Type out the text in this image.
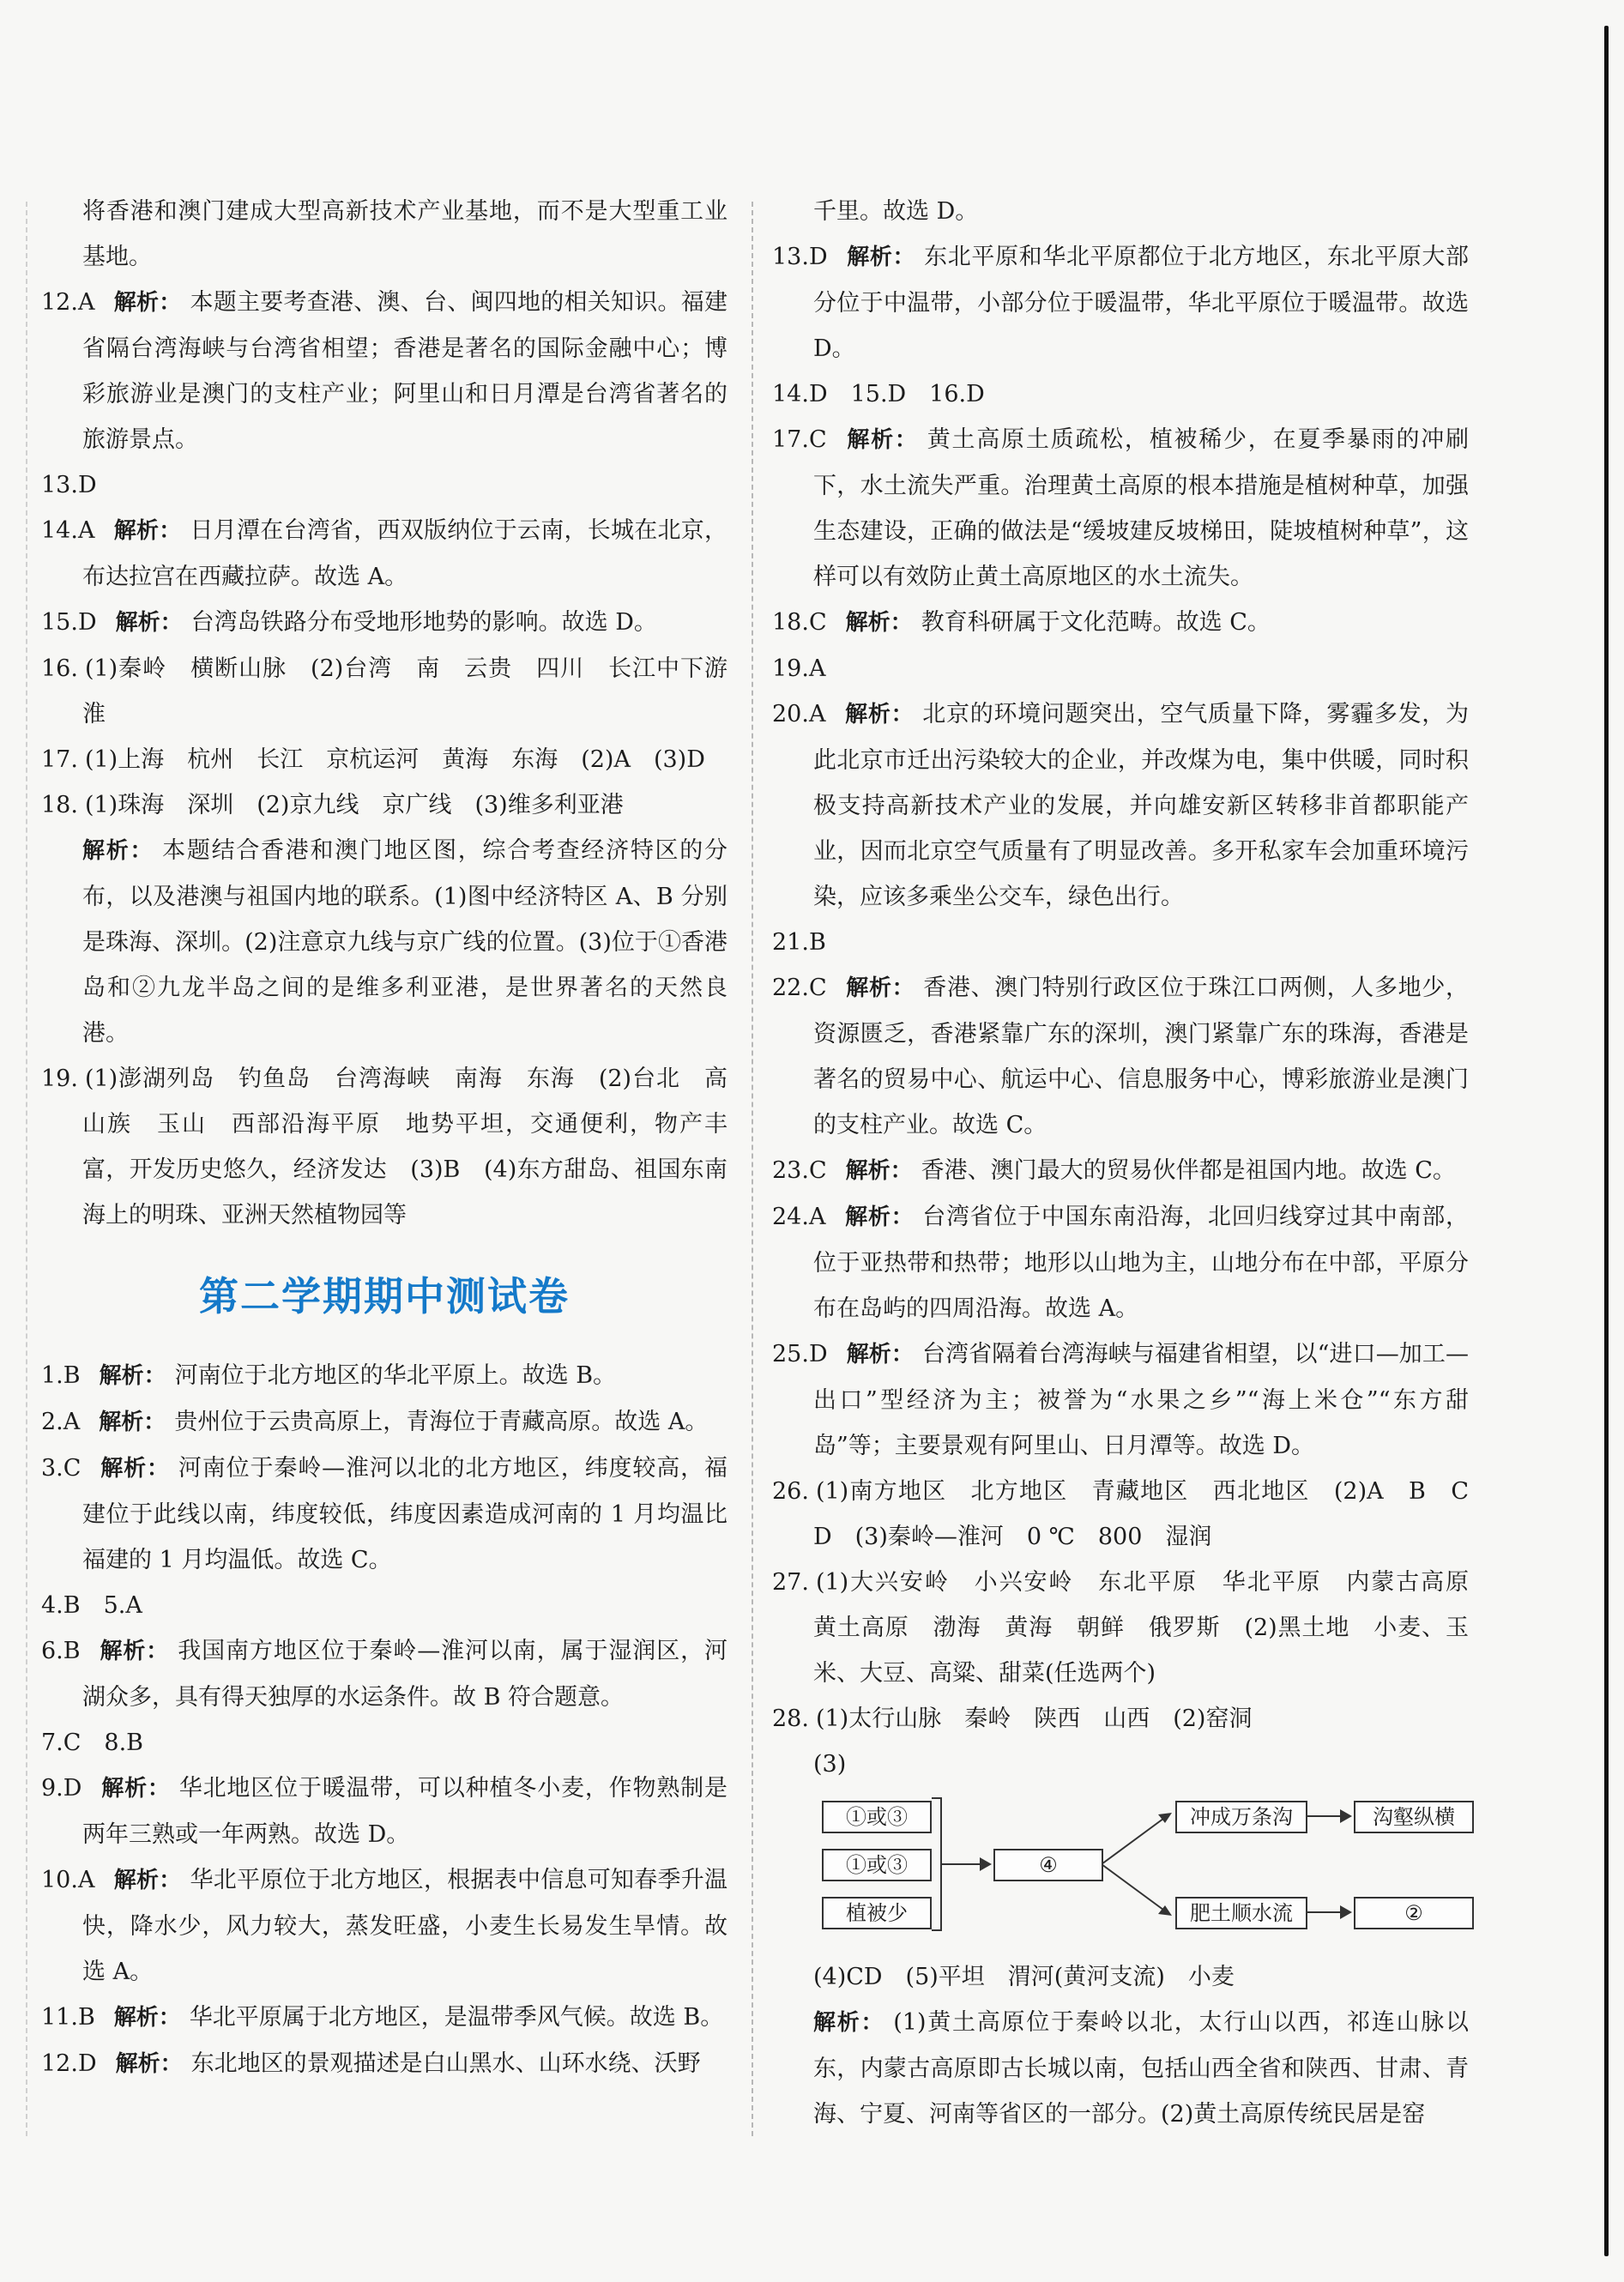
将香港和澳门建成大型高新技术产业基地，而不是大型重工业基地。

12.A 解析： 本题主要考查港、澳、台、闽四地的相关知识。福建省隔台湾海峡与台湾省相望；香港是著名的国际金融中心；博彩旅游业是澳门的支柱产业；阿里山和日月潭是台湾省著名的旅游景点。

13.D

14.A 解析： 日月潭在台湾省，西双版纳位于云南，长城在北京，布达拉宫在西藏拉萨。故选 A。

15.D 解析： 台湾岛铁路分布受地形地势的影响。故选 D。

16. (1)秦岭　横断山脉　(2)台湾　南　云贵　四川　长江中下游　淮

17. (1)上海　杭州　长江　京杭运河　黄海　东海　(2)A　(3)D

18. (1)珠海　深圳　(2)京九线　京广线　(3)维多利亚港

解析： 本题结合香港和澳门地区图，综合考查经济特区的分布，以及港澳与祖国内地的联系。(1)图中经济特区 A、B 分别是珠海、深圳。(2)注意京九线与京广线的位置。(3)位于①香港岛和②九龙半岛之间的是维多利亚港，是世界著名的天然良港。

19. (1)澎湖列岛　钓鱼岛　台湾海峡　南海　东海　(2)台北　高山族　玉山　西部沿海平原　地势平坦，交通便利，物产丰富，开发历史悠久，经济发达　(3)B　(4)东方甜岛、祖国东南海上的明珠、亚洲天然植物园等

第二学期期中测试卷

1.B 解析： 河南位于北方地区的华北平原上。故选 B。

2.A 解析： 贵州位于云贵高原上，青海位于青藏高原。故选 A。

3.C 解析： 河南位于秦岭—淮河以北的北方地区，纬度较高，福建位于此线以南，纬度较低，纬度因素造成河南的 1 月均温比福建的 1 月均温低。故选 C。

4.B　5.A

6.B 解析： 我国南方地区位于秦岭—淮河以南，属于湿润区，河湖众多，具有得天独厚的水运条件。故 B 符合题意。

7.C　8.B

9.D 解析： 华北地区位于暖温带，可以种植冬小麦，作物熟制是两年三熟或一年两熟。故选 D。

10.A 解析： 华北平原位于北方地区，根据表中信息可知春季升温快，降水少，风力较大，蒸发旺盛，小麦生长易发生旱情。故选 A。

11.B 解析： 华北平原属于北方地区，是温带季风气候。故选 B。

12.D 解析： 东北地区的景观描述是白山黑水、山环水绕、沃野

千里。故选 D。

13.D 解析： 东北平原和华北平原都位于北方地区，东北平原大部分位于中温带，小部分位于暖温带，华北平原位于暖温带。故选 D。

14.D　15.D　16.D

17.C 解析： 黄土高原土质疏松，植被稀少，在夏季暴雨的冲刷下，水土流失严重。治理黄土高原的根本措施是植树种草，加强生态建设，正确的做法是“缓坡建反坡梯田，陡坡植树种草”，这样可以有效防止黄土高原地区的水土流失。

18.C 解析： 教育科研属于文化范畴。故选 C。

19.A

20.A 解析： 北京的环境问题突出，空气质量下降，雾霾多发，为此北京市迁出污染较大的企业，并改煤为电，集中供暖，同时积极支持高新技术产业的发展，并向雄安新区转移非首都职能产业，因而北京空气质量有了明显改善。多开私家车会加重环境污染，应该多乘坐公交车，绿色出行。

21.B

22.C 解析： 香港、澳门特别行政区位于珠江口两侧，人多地少，资源匮乏，香港紧靠广东的深圳，澳门紧靠广东的珠海，香港是著名的贸易中心、航运中心、信息服务中心，博彩旅游业是澳门的支柱产业。故选 C。

23.C 解析： 香港、澳门最大的贸易伙伴都是祖国内地。故选 C。

24.A 解析： 台湾省位于中国东南沿海，北回归线穿过其中南部，位于亚热带和热带；地形以山地为主，山地分布在中部，平原分布在岛屿的四周沿海。故选 A。

25.D 解析： 台湾省隔着台湾海峡与福建省相望，以“进口—加工—出口”型经济为主；被誉为“水果之乡”“海上米仓”“东方甜岛”等；主要景观有阿里山、日月潭等。故选 D。

26. (1)南方地区　北方地区　青藏地区　西北地区　(2)A　B　C　D　(3)秦岭—淮河　0 ℃　800　湿润

27. (1)大兴安岭　小兴安岭　东北平原　华北平原　内蒙古高原　黄土高原　渤海　黄海　朝鲜　俄罗斯　(2)黑土地　小麦、玉米、大豆、高粱、甜菜(任选两个)

28. (1)太行山脉　秦岭　陕西　山西　(2)窑洞

(3)

①或③
①或③
植被少
④
冲成万条沟	沟壑纵横
肥土顺水流	②

(4)CD　(5)平坦　渭河(黄河支流)　小麦

解析： (1)黄土高原位于秦岭以北，太行山以西，祁连山脉以东，内蒙古高原即古长城以南，包括山西全省和陕西、甘肃、青海、宁夏、河南等省区的一部分。(2)黄土高原传统民居是窑
